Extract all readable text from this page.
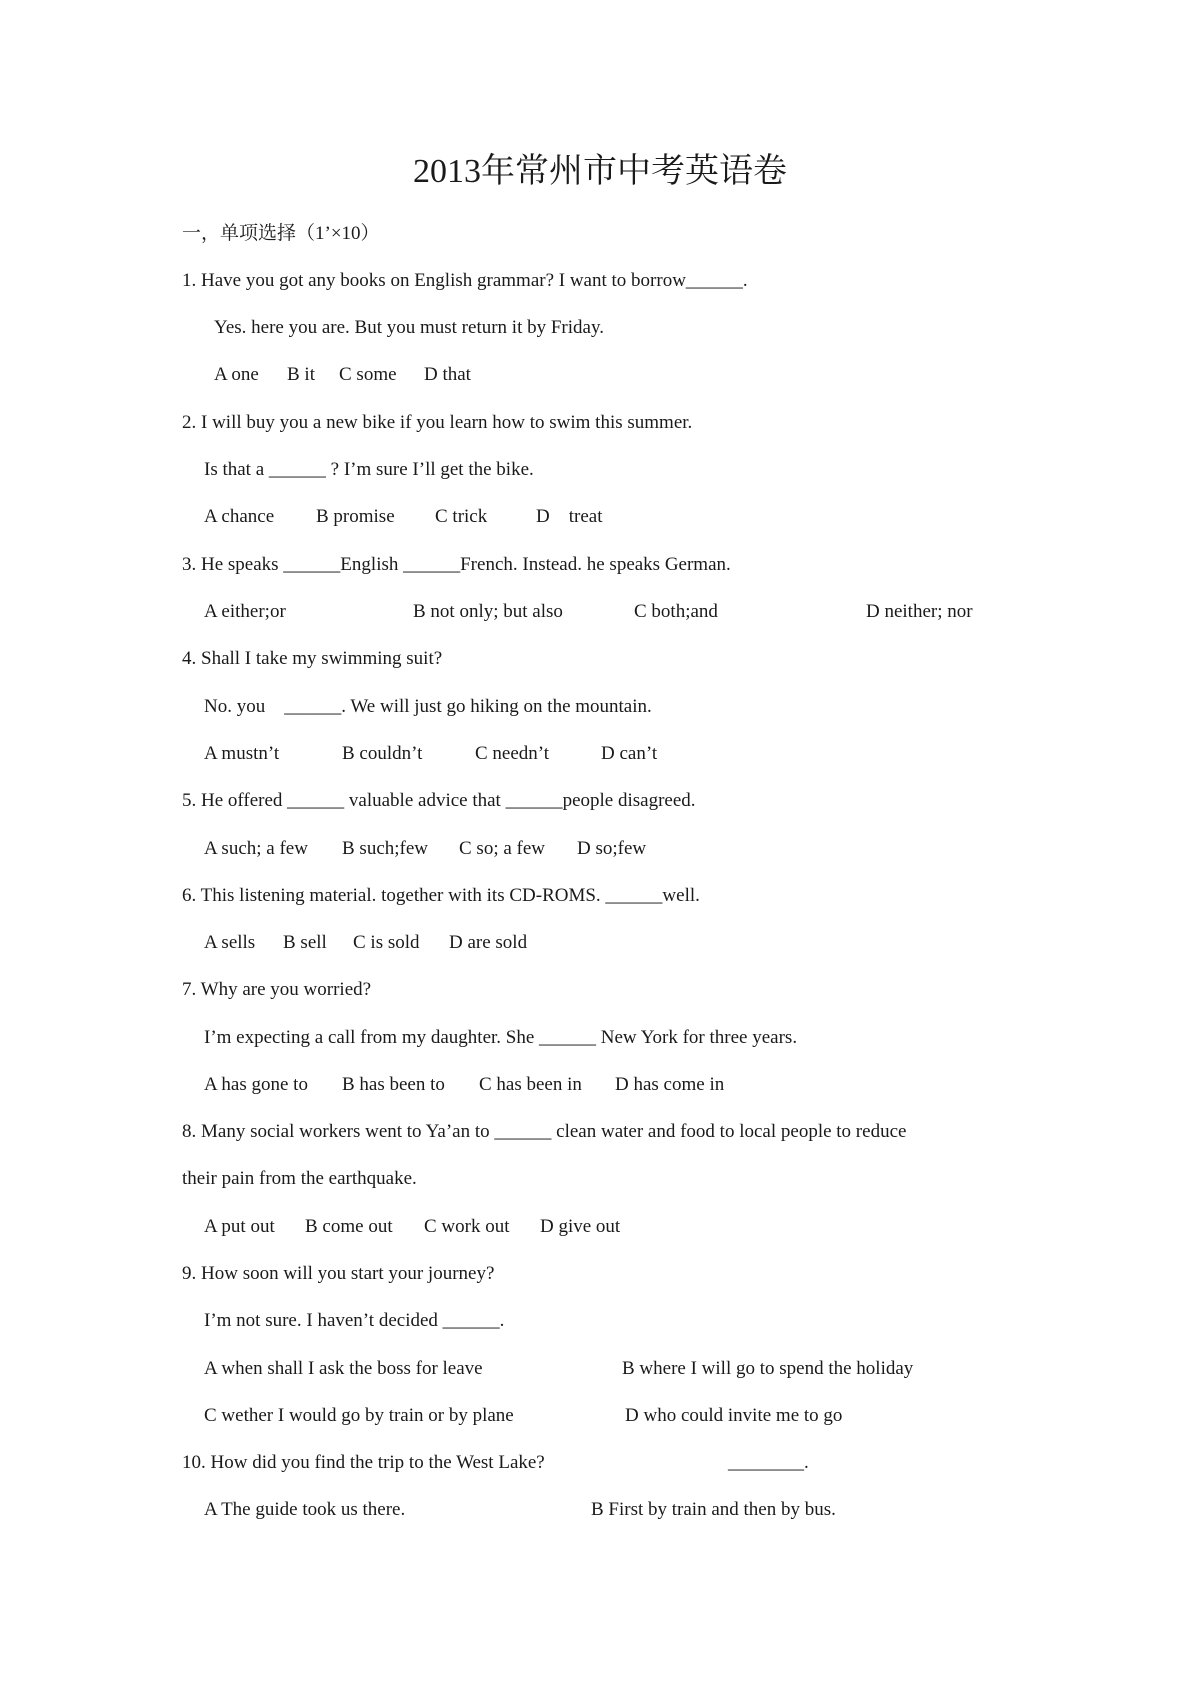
2013年常州市中考英语卷
一，单项选择（1’×10）
1. Have you got any books on English grammar? I want to borrow______.
Yes. here you are. But you must return it by Friday.
A one B it C some D that
2. I will buy you a new bike if you learn how to swim this summer.
Is that a ______ ? I’m sure I’ll get the bike.
A chance B promise C trick	D    treat
3. He speaks ______English ______French. Instead. he speaks German.
A either;or	B not only; but also	C both;and	D neither; nor
4. Shall I take my swimming suit?
No. you    ______. We will just go hiking on the mountain.
A mustn’t	B couldn’t	C needn’t	D can’t
5. He offered ______ valuable advice that ______people disagreed.
A such; a few B such;few C so; a few D so;few
6. This listening material. together with its CD-ROMS. ______well.
A sells B sell C is sold D are sold
7. Why are you worried?
I’m expecting a call from my daughter. She ______ New York for three years.
A has gone to B has been to C has been in D has come in
8. Many social workers went to Ya’an to ______ clean water and food to local people to reduce
their pain from the earthquake.
A put out B come out C work out D give out
9. How soon will you start your journey?
I’m not sure. I haven’t decided ______.
A when shall I ask the boss for leave	B where I will go to spend the holiday
C wether I would go by train or by plane	D who could invite me to go
10. How did you find the trip to the West Lake?	________.
A The guide took us there.	B First by train and then by bus.
